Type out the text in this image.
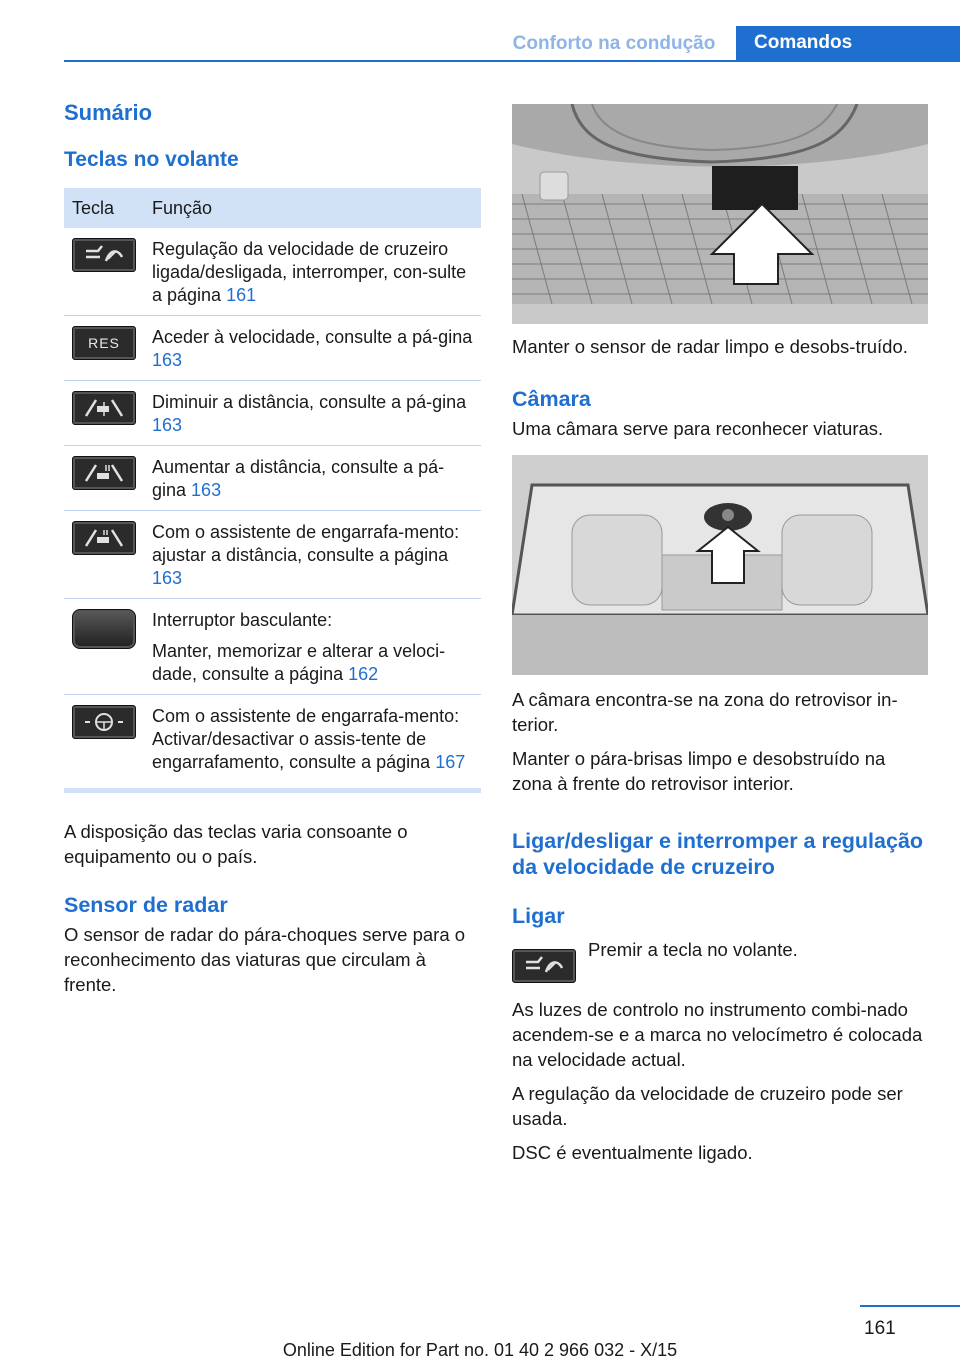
Conforto na condução	Comandos
Sumário
Teclas no volante
Tecla	Função

	Regulação da velocidade de cruzeiro ligada/desligada, interromper, con-sulte a página 161

RES	Aceder à velocidade, consulte a pá-gina 163

	Diminuir a distância, consulte a pá-gina 163

	Aumentar a distância, consulte a pá-gina 163

	Com o assistente de engarrafa-mento: ajustar a distância, consulte a página 163

	Interruptor basculante:

Manter, memorizar e alterar a veloci-dade, consulte a página 162

	Com o assistente de engarrafa-mento: Activar/desactivar o assis-tente de engarrafamento, consulte a página 167

A disposição das teclas varia consoante o equipamento ou o país.

Sensor de radar

O sensor de radar do pára-choques serve para o reconhecimento das viaturas que circulam à frente.

Manter o sensor de radar limpo e desobs-truído.

Câmara

Uma câmara serve para reconhecer viaturas.

A câmara encontra-se na zona do retrovisor in-terior.

Manter o pára-brisas limpo e desobstruído na zona à frente do retrovisor interior.

Ligar/desligar e interromper a regulação da velocidade de cruzeiro
Ligar

Premir a tecla no volante.

As luzes de controlo no instrumento combi-nado acendem-se e a marca no velocímetro é colocada na velocidade actual.

A regulação da velocidade de cruzeiro pode ser usada.

DSC é eventualmente ligado.

161
Online Edition for Part no. 01 40 2 966 032 - X/15
